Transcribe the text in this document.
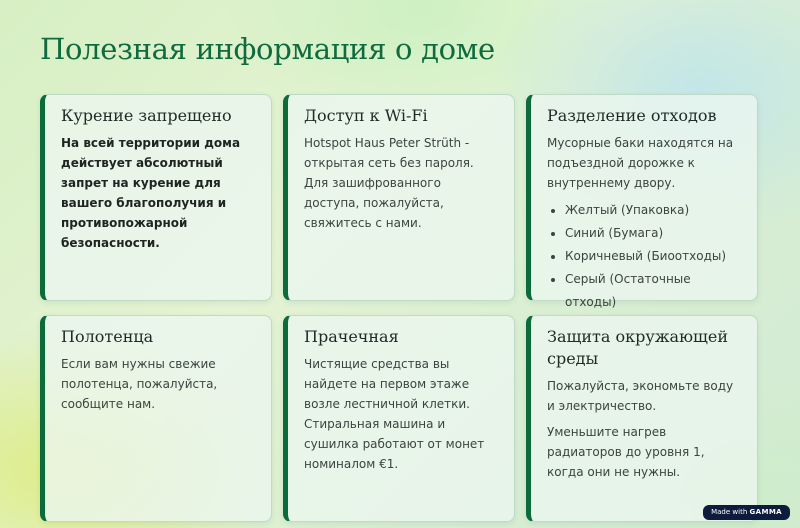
Полезная информация о доме
Курение запрещено

На всей территории дома действует абсолютный запрет на курение для вашего благополучия и противопожарной безопасности.

Доступ к Wi-Fi

Hotspot Haus Peter Strüth - открытая сеть без пароля. Для зашифрованного доступа, пожалуйста, свяжитесь с нами.

Разделение отходов

Мусорные баки находятся на подъездной дорожке к внутреннему двору.

• Желтый (Упаковка)
• Синий (Бумага)
• Коричневый (Биоотходы)
• Серый (Остаточные отходы)
Полотенца

Если вам нужны свежие полотенца, пожалуйста, сообщите нам.

Прачечная

Чистящие средства вы найдете на первом этаже возле лестничной клетки. Стиральная машина и сушилка работают от монет номиналом €1.

Защита окружающей среды

Пожалуйста, экономьте воду и электричество.

Уменьшите нагрев радиаторов до уровня 1, когда они не нужны.

Made with GAMMA
